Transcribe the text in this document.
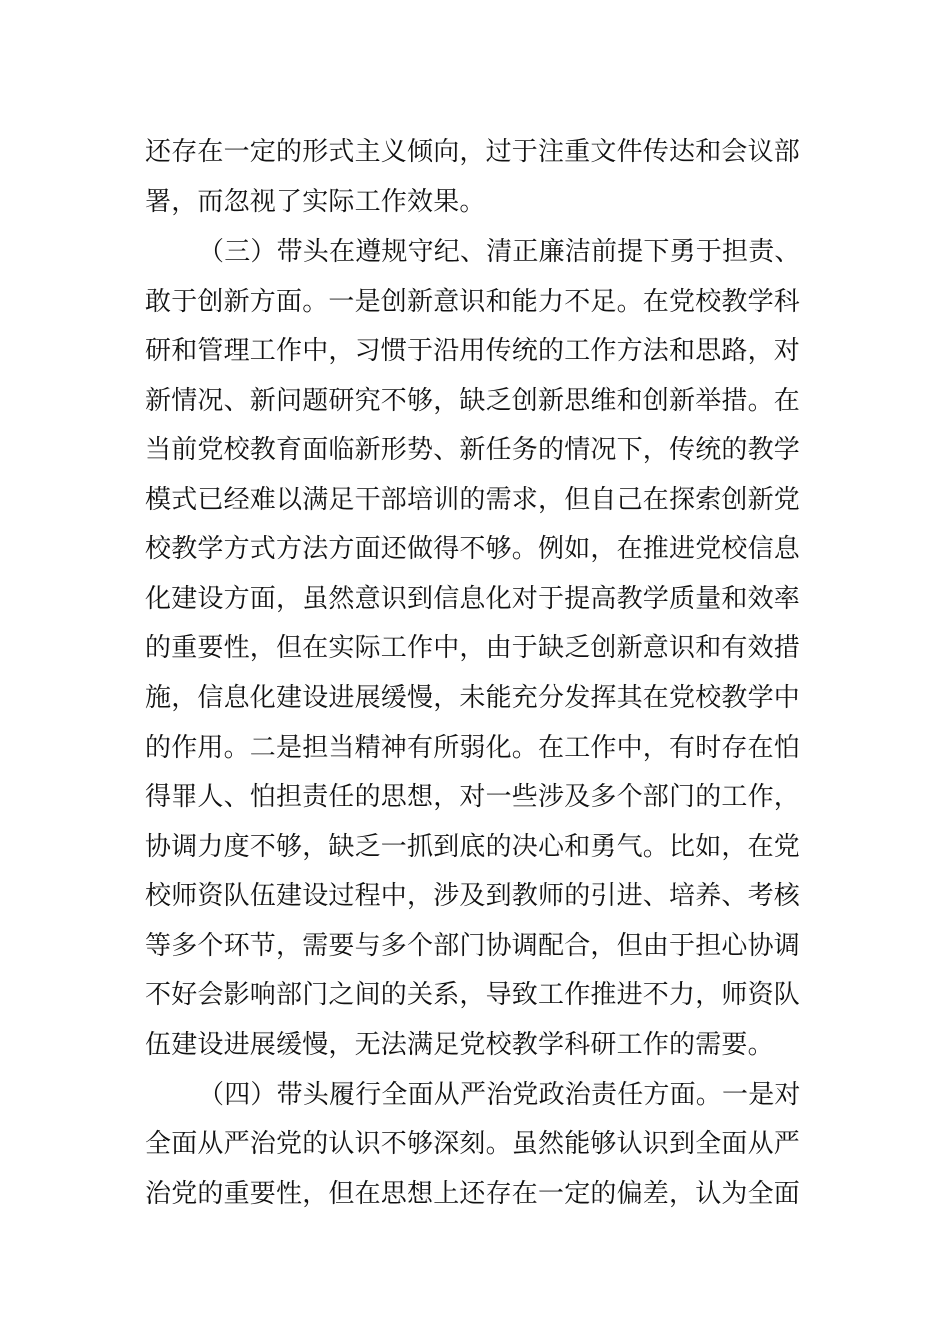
还存在一定的形式主义倾向，过于注重文件传达和会议部
署，而忽视了实际工作效果。
（三）带头在遵规守纪、清正廉洁前提下勇于担责、
敢于创新方面。一是创新意识和能力不足。在党校教学科
研和管理工作中，习惯于沿用传统的工作方法和思路，对
新情况、新问题研究不够，缺乏创新思维和创新举措。在
当前党校教育面临新形势、新任务的情况下，传统的教学
模式已经难以满足干部培训的需求，但自己在探索创新党
校教学方式方法方面还做得不够。例如，在推进党校信息
化建设方面，虽然意识到信息化对于提高教学质量和效率
的重要性，但在实际工作中，由于缺乏创新意识和有效措
施，信息化建设进展缓慢，未能充分发挥其在党校教学中
的作用。二是担当精神有所弱化。在工作中，有时存在怕
得罪人、怕担责任的思想，对一些涉及多个部门的工作，
协调力度不够，缺乏一抓到底的决心和勇气。比如，在党
校师资队伍建设过程中，涉及到教师的引进、培养、考核
等多个环节，需要与多个部门协调配合，但由于担心协调
不好会影响部门之间的关系，导致工作推进不力，师资队
伍建设进展缓慢，无法满足党校教学科研工作的需要。
（四）带头履行全面从严治党政治责任方面。一是对
全面从严治党的认识不够深刻。虽然能够认识到全面从严
治党的重要性，但在思想上还存在一定的偏差，认为全面
